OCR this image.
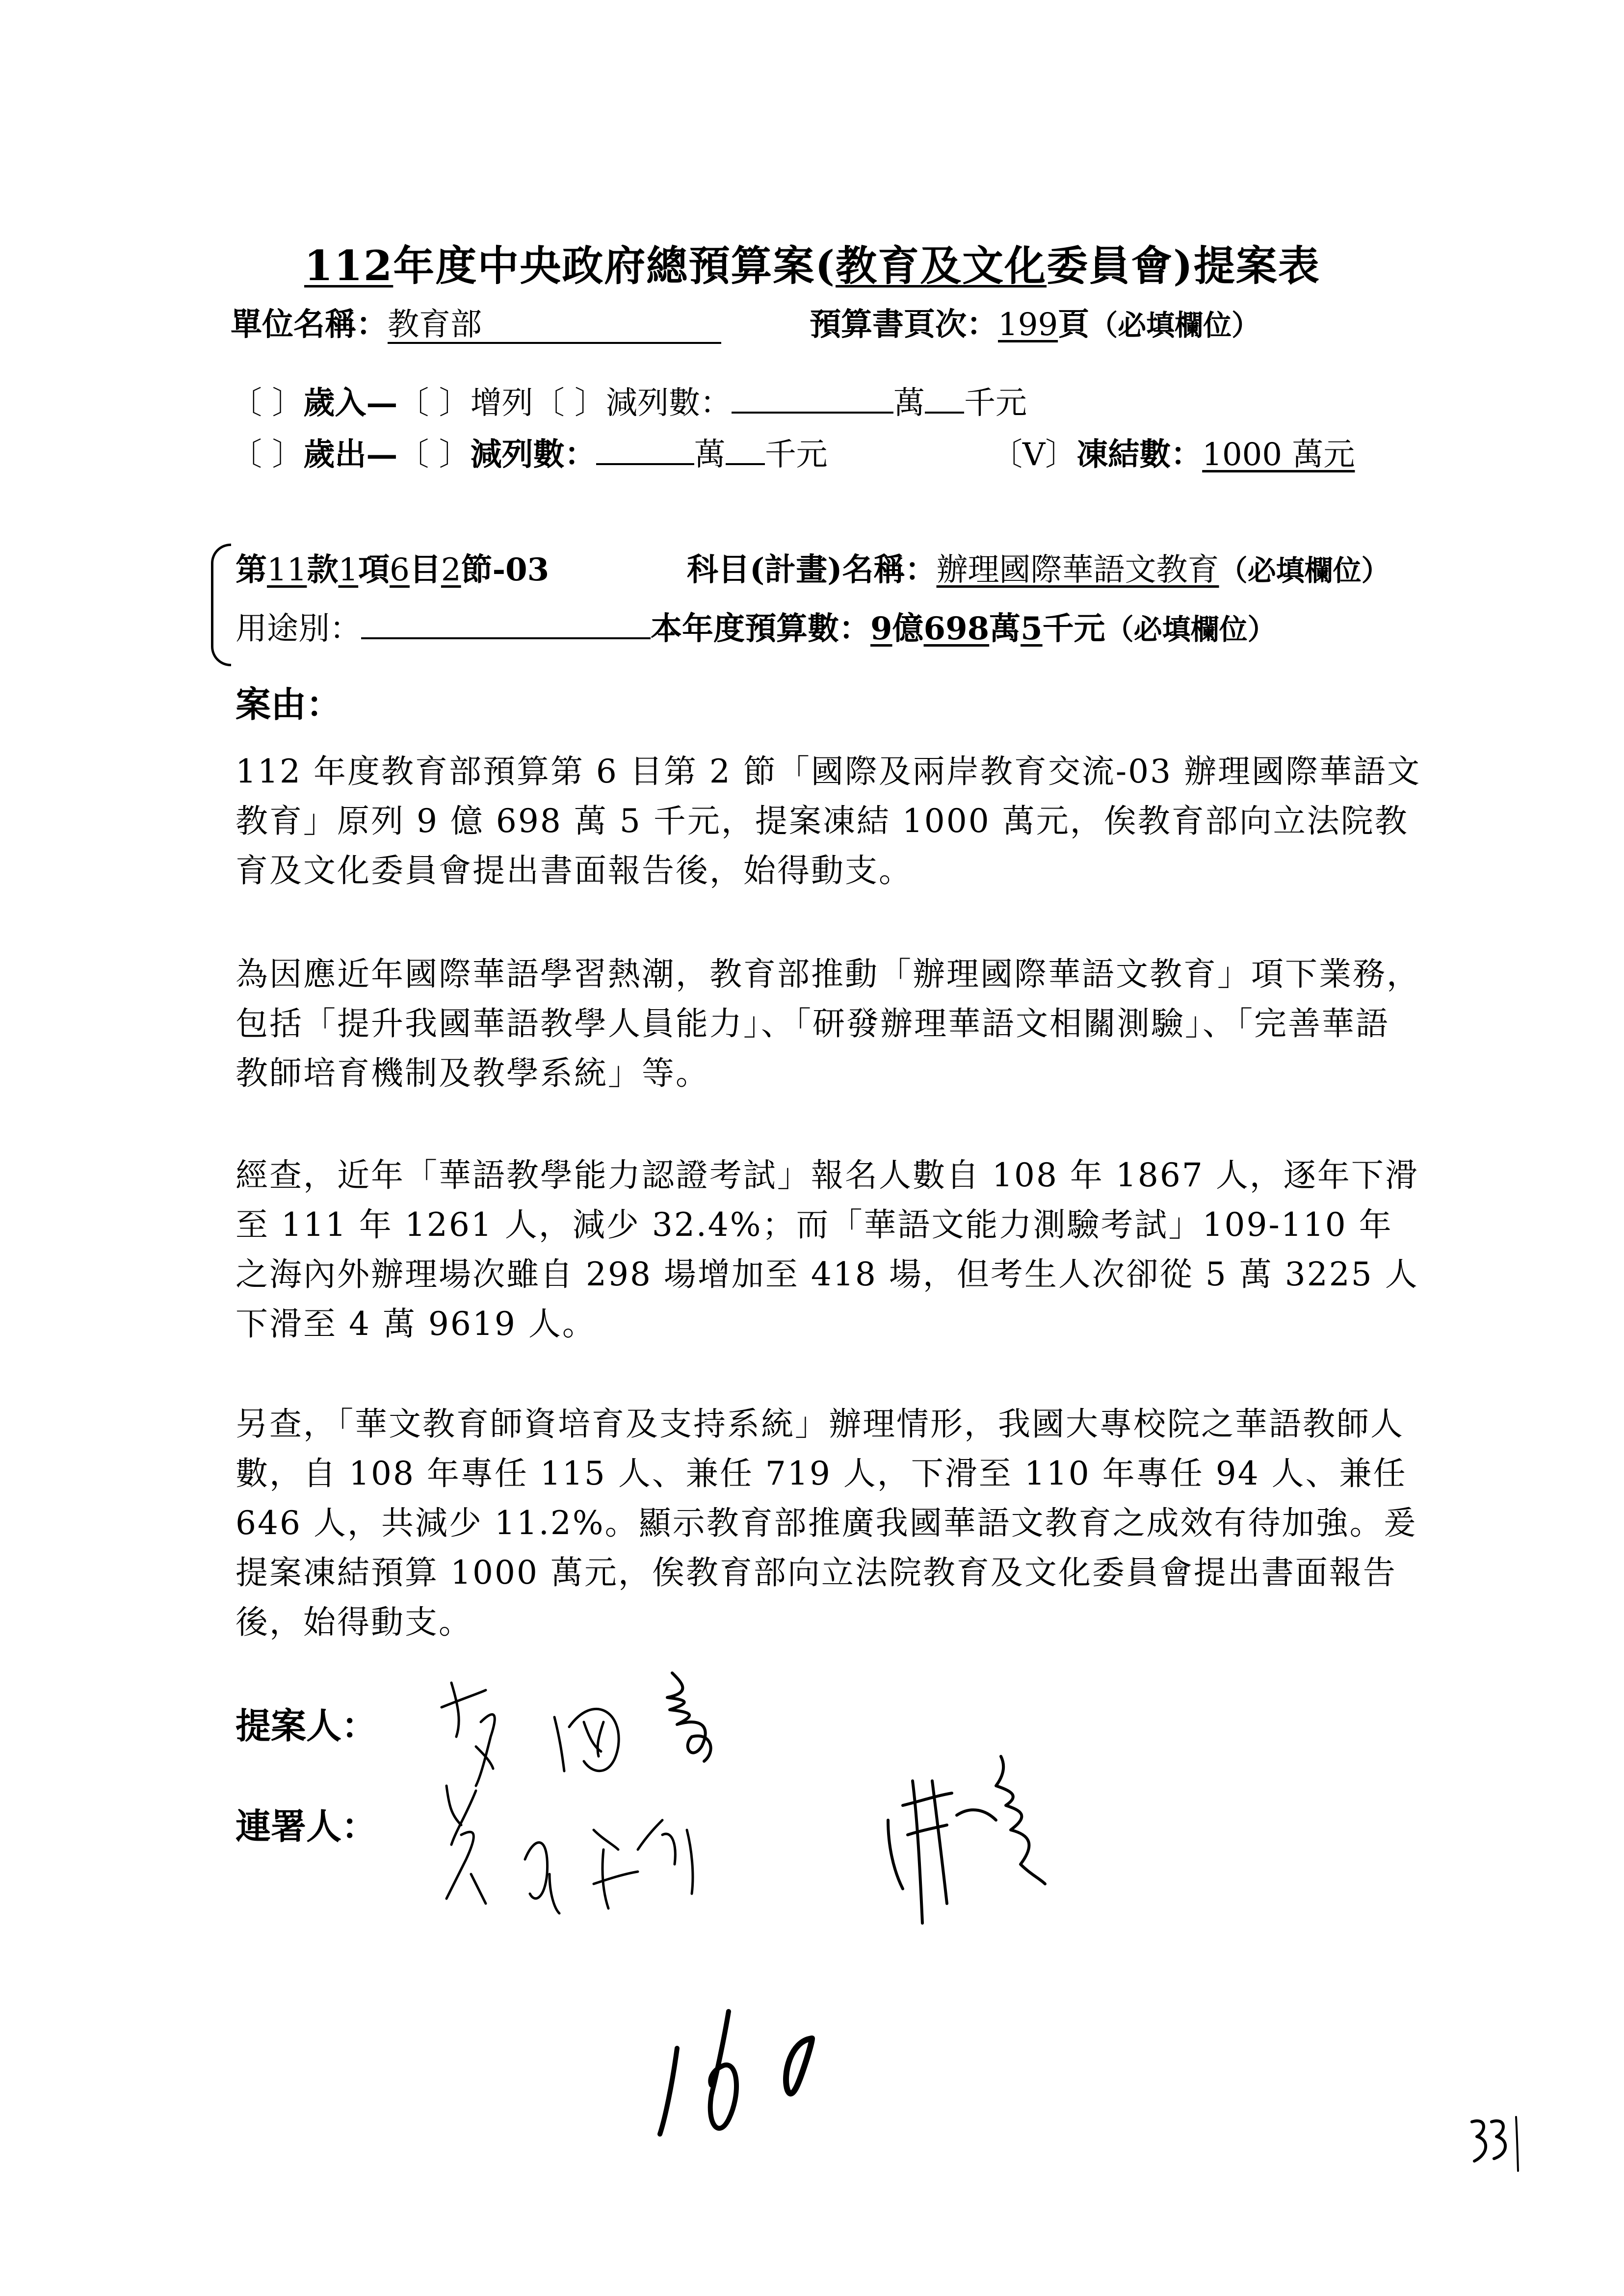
112年度中央政府總預算案(教育及文化委員會)提案表
單位名稱：教育部	預算書頁次：199頁（必填欄位）
〔 〕歲入—〔 〕增列〔 〕減列數：	萬 千元
〔 〕歲出—〔 〕減列數：	萬 千元	〔V〕凍結數：1000 萬元
第11款1項6目2節-03	科目(計畫)名稱：辦理國際華語文教育（必填欄位）
用途別：	本年度預算數：9億698萬5千元（必填欄位）
案由：

112 年度教育部預算第 6 目第 2 節「國際及兩岸教育交流-03 辦理國際華語文教育」原列 9 億 698 萬 5 千元，提案凍結 1000 萬元，俟教育部向立法院教育及文化委員會提出書面報告後，始得動支。

為因應近年國際華語學習熱潮，教育部推動「辦理國際華語文教育」項下業務，包括「提升我國華語教學人員能力」、「研發辦理華語文相關測驗」、「完善華語教師培育機制及教學系統」等。

經查，近年「華語教學能力認證考試」報名人數自 108 年 1867 人，逐年下滑至 111 年 1261 人，減少 32.4%；而「華語文能力測驗考試」109-110 年之海內外辦理場次雖自 298 場增加至 418 場，但考生人次卻從 5 萬 3225 人下滑至 4 萬 9619 人。

另查，「華文教育師資培育及支持系統」辦理情形，我國大專校院之華語教師人數，自 108 年專任 115 人、兼任 719 人，下滑至 110 年專任 94 人、兼任 646 人，共減少 11.2%。顯示教育部推廣我國華語文教育之成效有待加強。爰提案凍結預算 1000 萬元，俟教育部向立法院教育及文化委員會提出書面報告後，始得動支。

提案人：
連署人：
